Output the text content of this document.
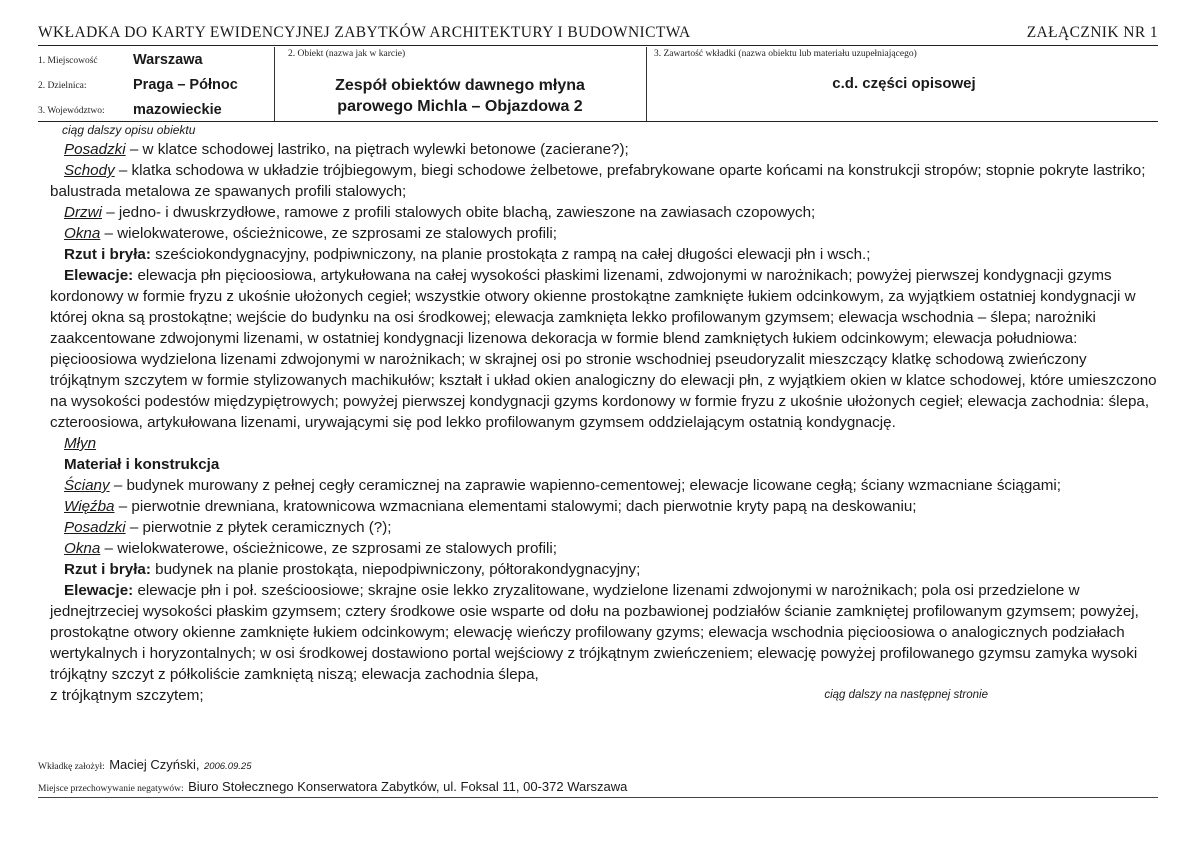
WKŁADKA DO KARTY EWIDENCYJNEJ ZABYTKÓW ARCHITEKTURY I BUDOWNICTWA	ZAŁĄCZNIK NR 1
1. Miejscowość Warszawa
2. Dzielnica:	Praga – Północ
3. Województwo: mazowieckie
2. Obiekt (nazwa jak w karcie)
Zespół obiektów dawnego młyna
parowego Michla – Objazdowa 2
3. Zawartość wkładki (nazwa obiektu lub materiału uzupełniającego)
c.d. części opisowej

ciąg dalszy opisu obiektu

Posadzki – w klatce schodowej lastriko, na piętrach wylewki betonowe (zacierane?);

Schody – klatka schodowa w układzie trójbiegowym, biegi schodowe żelbetowe, prefabrykowane oparte końcami na konstrukcji stropów; stopnie pokryte lastriko; balustrada metalowa ze spawanych profili stalowych;

Drzwi – jedno- i dwuskrzydłowe, ramowe z profili stalowych obite blachą, zawieszone na zawiasach czopowych;

Okna – wielokwaterowe, ościeżnicowe, ze szprosami ze stalowych profili;

Rzut i bryła: sześciokondygnacyjny, podpiwniczony, na planie prostokąta z rampą na całej długości elewacji płn i wsch.;

Elewacje: elewacja płn pięcioosiowa, artykułowana na całej wysokości płaskimi lizenami, zdwojonymi w narożnikach; powyżej pierwszej kondygnacji gzyms kordonowy w formie fryzu z ukośnie ułożonych cegieł; wszystkie otwory okienne prostokątne zamknięte łukiem odcinkowym, za wyjątkiem ostatniej kondygnacji w której okna są prostokątne; wejście do budynku na osi środkowej; elewacja zamknięta lekko profilowanym gzymsem; elewacja wschodnia – ślepa; narożniki zaakcentowane zdwojonymi lizenami, w ostatniej kondygnacji lizenowa dekoracja w formie blend zamkniętych łukiem odcinkowym; elewacja południowa: pięcioosiowa wydzielona lizenami zdwojonymi w narożnikach; w skrajnej osi po stronie wschodniej pseudoryzalit mieszczący klatkę schodową zwieńczony trójkątnym szczytem w formie stylizowanych machikułów; kształt i układ okien analogiczny do elewacji płn, z wyjątkiem okien w klatce schodowej, które umieszczono na wysokości podestów międzypiętrowych; powyżej pierwszej kondygnacji gzyms kordonowy w formie fryzu z ukośnie ułożonych cegieł; elewacja zachodnia: ślepa, czteroosiowa, artykułowana lizenami, urywającymi się pod lekko profilowanym gzymsem oddzielającym ostatnią kondygnację.

Młyn

Materiał i konstrukcja

Ściany – budynek murowany z pełnej cegły ceramicznej na zaprawie wapienno-cementowej; elewacje licowane cegłą; ściany wzmacniane ściągami;

Więźba – pierwotnie drewniana, kratownicowa wzmacniana elementami stalowymi; dach pierwotnie kryty papą na deskowaniu;

Posadzki – pierwotnie z płytek ceramicznych (?);

Okna – wielokwaterowe, ościeżnicowe, ze szprosami ze stalowych profili;

Rzut i bryła: budynek na planie prostokąta, niepodpiwniczony, półtorakondygnacyjny;

Elewacje: elewacje płn i poł. sześcioosiowe; skrajne osie lekko zryzalitowane, wydzielone lizenami zdwojonymi w narożnikach; pola osi przedzielone w jednejtrzeciej wysokości płaskim gzymsem; cztery środkowe osie wsparte od dołu na pozbawionej podziałów ścianie zamkniętej profilowanym gzymsem; powyżej, prostokątne otwory okienne zamknięte łukiem odcinkowym; elewację wieńczy profilowany gzyms; elewacja wschodnia pięcioosiowa o analogicznych podziałach wertykalnych i horyzontalnych; w osi środkowej dostawiono portal wejściowy z trójkątnym zwieńczeniem; elewację powyżej profilowanego gzymsu zamyka wysoki trójkątny szczyt z półkoliście zamkniętą niszą; elewacja zachodnia ślepa,

z trójkątnym szczytem;	ciąg dalszy na następnej stronie

Wkładkę założył: Maciej Czyński, 2006.09.25
Miejsce przechowywanie negatywów: Biuro Stołecznego Konserwatora Zabytków, ul. Foksal 11, 00-372 Warszawa
